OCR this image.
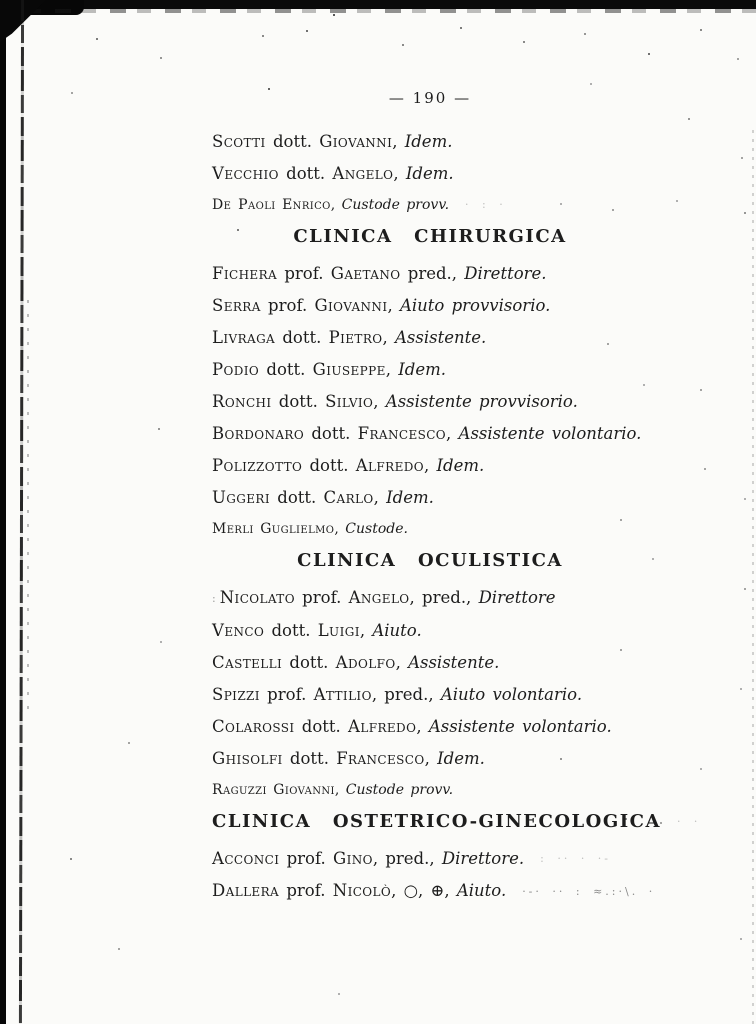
— 190 —
Scotti dott. Giovanni, Idem.
Vecchio dott. Angelo, Idem.
De Paoli Enrico, Custode provv. · : ·
CLINICA CHIRURGICA
Fichera prof. Gaetano pred., Direttore.
Serra prof. Giovanni, Aiuto provvisorio.
Livraga dott. Pietro, Assistente.
Podio dott. Giuseppe, Idem.
Ronchi dott. Silvio, Assistente provvisorio.
Bordonaro dott. Francesco, Assistente volontario.
Polizzotto dott. Alfredo, Idem.
Uggeri dott. Carlo, Idem.
Merli Guglielmo, Custode.
CLINICA OCULISTICA
: Nicolato prof. Angelo, pred., Direttore
Venco dott. Luigi, Aiuto.
Castelli dott. Adolfo, Assistente.
Spizzi prof. Attilio, pred., Aiuto volontario.
Colarossi dott. Alfredo, Assistente volontario.
Ghisolfi dott. Francesco, Idem.
Raguzzi Giovanni, Custode provv.
CLINICA OSTETRICO-GINECOLOGICA · ·
Acconci prof. Gino, pred., Direttore. : ·· · ·-
Dallera prof. Nicolò, ○, ⊕, Aiuto. ·-· ·· : ≈.:·\. ·
